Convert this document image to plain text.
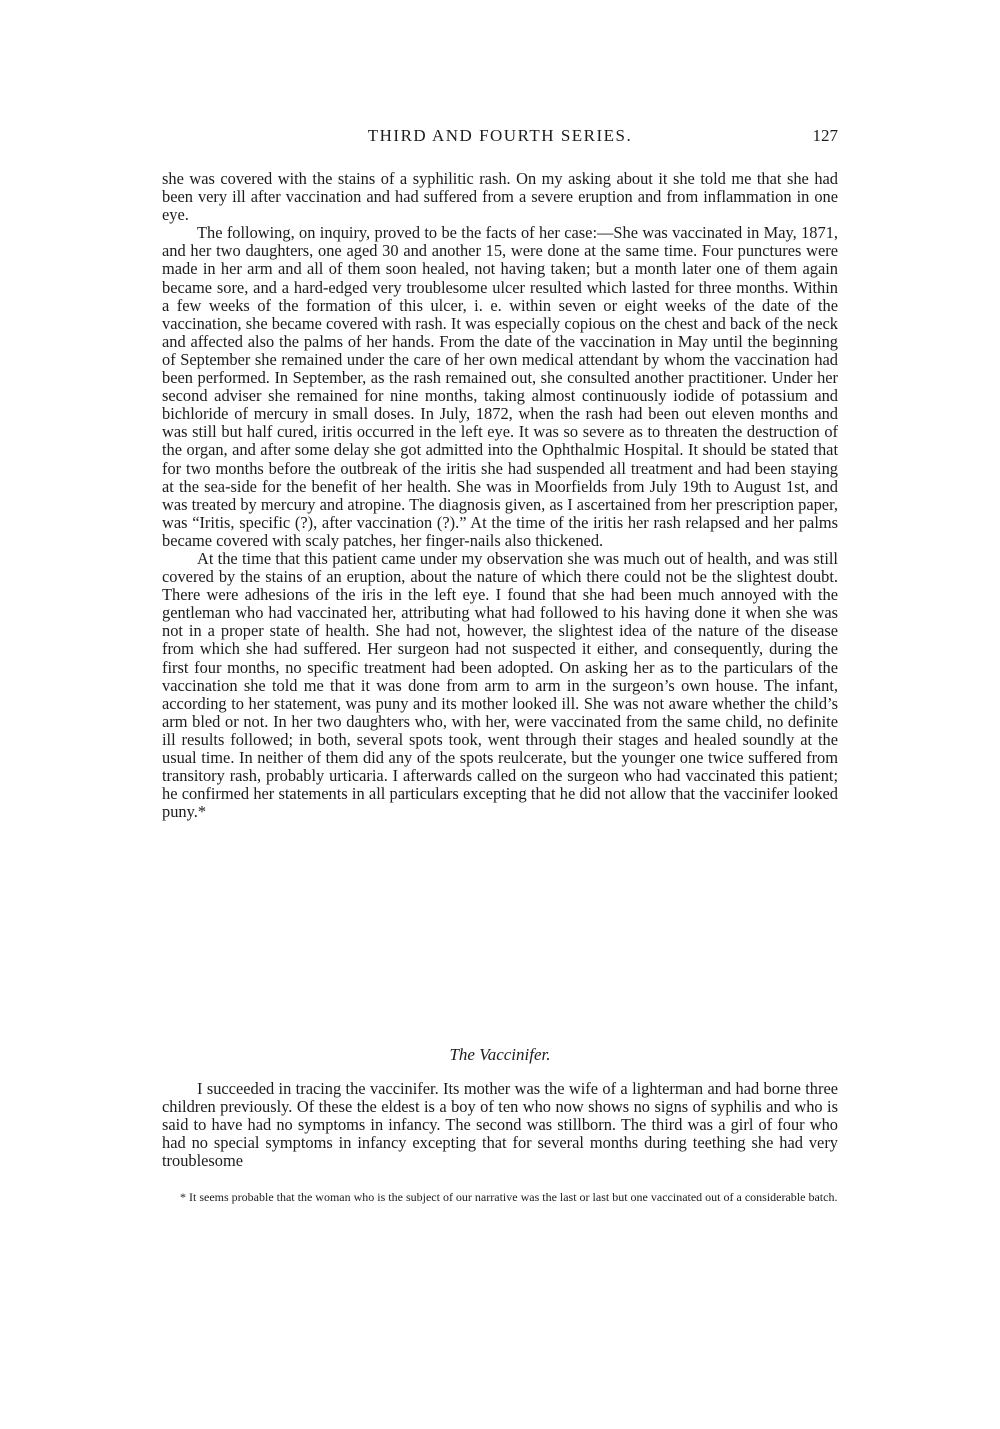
THIRD AND FOURTH SERIES.	127

she was covered with the stains of a syphilitic rash. On my asking about it she told me that she had been very ill after vaccination and had suffered from a severe eruption and from inflammation in one eye.

The following, on inquiry, proved to be the facts of her case:—She was vaccinated in May, 1871, and her two daughters, one aged 30 and another 15, were done at the same time. Four punctures were made in her arm and all of them soon healed, not having taken; but a month later one of them again became sore, and a hard-edged very troublesome ulcer resulted which lasted for three months. Within a few weeks of the formation of this ulcer, i. e. within seven or eight weeks of the date of the vaccination, she became covered with rash. It was especially copious on the chest and back of the neck and affected also the palms of her hands. From the date of the vaccination in May until the beginning of September she remained under the care of her own medical attendant by whom the vaccination had been performed. In September, as the rash remained out, she consulted another practitioner. Under her second adviser she remained for nine months, taking almost continuously iodide of potassium and bichloride of mercury in small doses. In July, 1872, when the rash had been out eleven months and was still but half cured, iritis occurred in the left eye. It was so severe as to threaten the destruction of the organ, and after some delay she got admitted into the Ophthalmic Hospital. It should be stated that for two months before the outbreak of the iritis she had suspended all treatment and had been staying at the sea-side for the benefit of her health. She was in Moorfields from July 19th to August 1st, and was treated by mercury and atropine. The diagnosis given, as I ascertained from her prescription paper, was “Iritis, specific (?), after vaccination (?).” At the time of the iritis her rash relapsed and her palms became covered with scaly patches, her finger-nails also thickened.

At the time that this patient came under my observation she was much out of health, and was still covered by the stains of an eruption, about the nature of which there could not be the slightest doubt. There were adhesions of the iris in the left eye. I found that she had been much annoyed with the gentleman who had vaccinated her, attributing what had followed to his having done it when she was not in a proper state of health. She had not, however, the slightest idea of the nature of the disease from which she had suffered. Her surgeon had not suspected it either, and consequently, during the first four months, no specific treatment had been adopted. On asking her as to the particulars of the vaccination she told me that it was done from arm to arm in the surgeon’s own house. The infant, according to her statement, was puny and its mother looked ill. She was not aware whether the child’s arm bled or not. In her two daughters who, with her, were vaccinated from the same child, no definite ill results followed; in both, several spots took, went through their stages and healed soundly at the usual time. In neither of them did any of the spots reulcerate, but the younger one twice suffered from transitory rash, probably urticaria. I afterwards called on the surgeon who had vaccinated this patient; he confirmed her statements in all particulars excepting that he did not allow that the vaccinifer looked puny.*

The Vaccinifer.

I succeeded in tracing the vaccinifer. Its mother was the wife of a lighterman and had borne three children previously. Of these the eldest is a boy of ten who now shows no signs of syphilis and who is said to have had no symptoms in infancy. The second was stillborn. The third was a girl of four who had no special symptoms in infancy excepting that for several months during teething she had very troublesome

* It seems probable that the woman who is the subject of our narrative was the last or last but one vaccinated out of a considerable batch.
